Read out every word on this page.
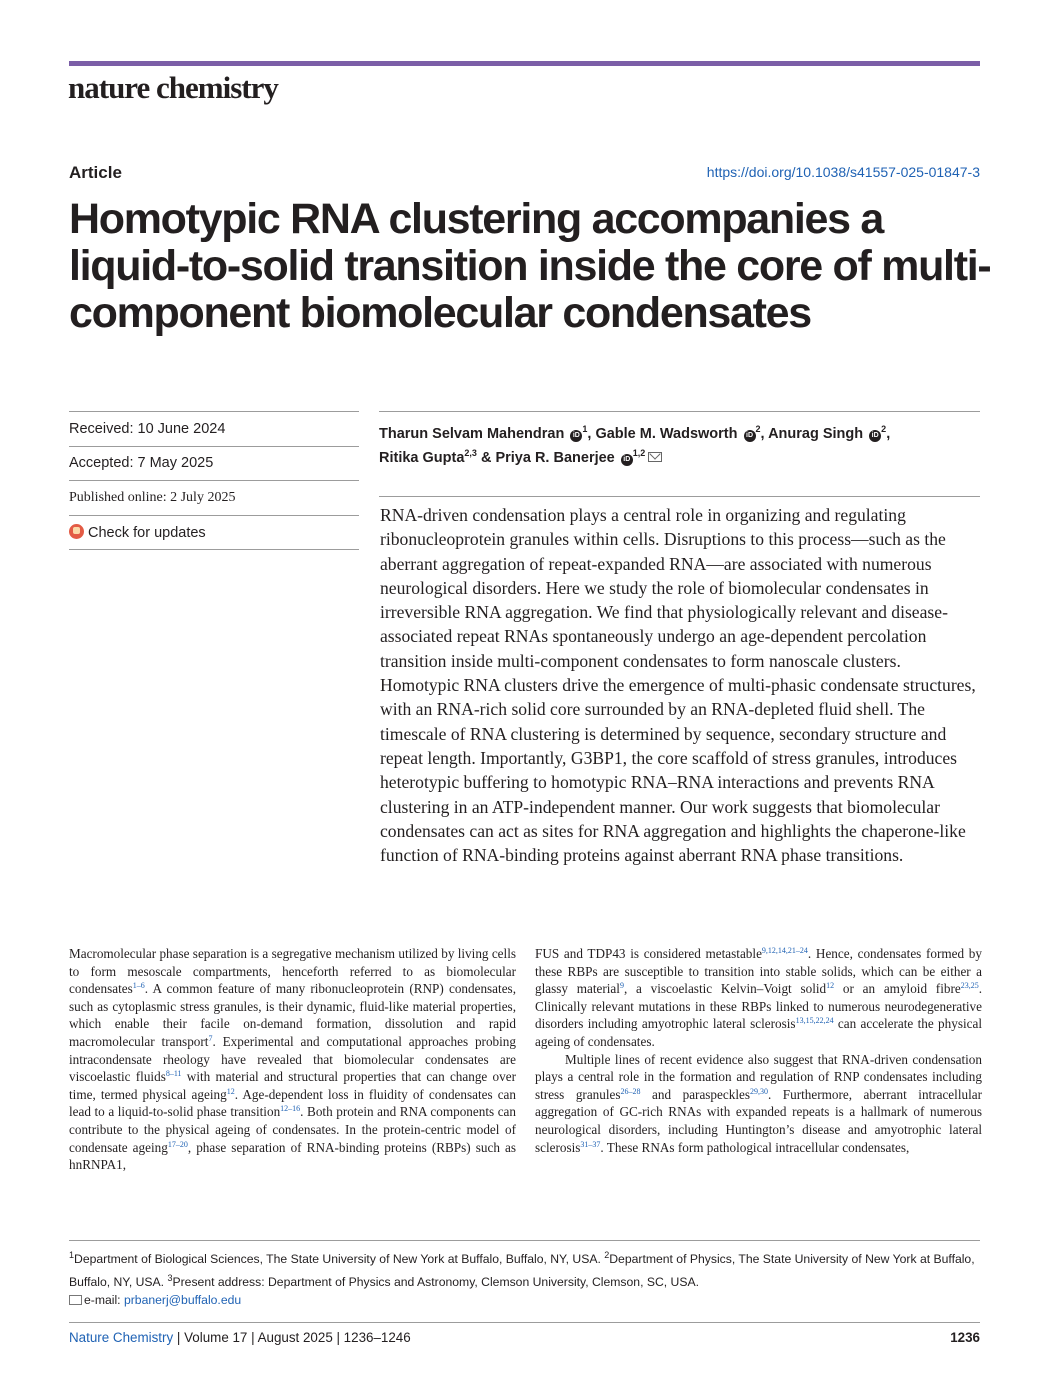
nature chemistry
Article	https://doi.org/10.1038/s41557-025-01847-3
Homotypic RNA clustering accompanies a liquid-to-solid transition inside the core of multi-component biomolecular condensates
Received: 10 June 2024
Accepted: 7 May 2025
Published online: 2 July 2025
Check for updates
Tharun Selvam Mahendran $iD^1$, Gable M. Wadsworth $iD^2$, Anurag Singh $iD^2$,
Ritika Gupta$^{2,3}$ & Priya R. Banerjee iD$^{1,2}$

RNA-driven condensation plays a central role in organizing and regulating ribonucleoprotein granules within cells. Disruptions to this process—such as the aberrant aggregation of repeat-expanded RNA—are associated with numerous neurological disorders. Here we study the role of biomolecular condensates in irreversible RNA aggregation. We find that physiologically relevant and disease-associated repeat RNAs spontaneously undergo an age-dependent percolation transition inside multi-component condensates to form nanoscale clusters. Homotypic RNA clusters drive the emergence of multi-phasic condensate structures, with an RNA-rich solid core surrounded by an RNA-depleted fluid shell. The timescale of RNA clustering is determined by sequence, secondary structure and repeat length. Importantly, G3BP1, the core scaffold of stress granules, introduces heterotypic buffering to homotypic RNA–RNA interactions and prevents RNA clustering in an ATP-independent manner. Our work suggests that biomolecular condensates can act as sites for RNA aggregation and highlights the chaperone-like function of RNA-binding proteins against aberrant RNA phase transitions.

Macromolecular phase separation is a segregative mechanism utilized by living cells to form mesoscale compartments, henceforth referred to as biomolecular condensates$^{1-6}$. A common feature of many ribonucleoprotein (RNP) condensates, such as cytoplasmic stress granules, is their dynamic, fluid-like material properties, which enable their facile on-demand formation, dissolution and rapid macromolecular transport$^7$. Experimental and computational approaches probing intracondensate rheology have revealed that biomolecular condensates are viscoelastic fluids$^{8-11}$ with material and structural properties that can change over time, termed physical ageing$^{12}$. Age-dependent loss in fluidity of condensates can lead to a liquid-to-solid phase transition$^{12-16}$. Both protein and RNA components can contribute to the physical ageing of condensates. In the protein-centric model of condensate ageing$^{17-20}$, phase separation of RNA-binding proteins (RBPs) such as hnRNPA1,

FUS and TDP43 is considered metastable$^{9,12,14,21-24}$. Hence, condensates formed by these RBPs are susceptible to transition into stable solids, which can be either a glassy material$^9$, a viscoelastic Kelvin–Voigt solid$^{12}$ or an amyloid fibre$^{23,25}$. Clinically relevant mutations in these RBPs linked to numerous neurodegenerative disorders including amyotrophic lateral sclerosis$^{13,15,22,24}$ can accelerate the physical ageing of condensates.

Multiple lines of recent evidence also suggest that RNA-driven condensation plays a central role in the formation and regulation of RNP condensates including stress granules$^{26-28}$ and paraspeckles$^{29,30}$. Furthermore, aberrant intracellular aggregation of GC-rich RNAs with expanded repeats is a hallmark of numerous neurological disorders, including Huntington’s disease and amyotrophic lateral sclerosis$^{31-37}$. These RNAs form pathological intracellular condensates,

$^1$Department of Biological Sciences, The State University of New York at Buffalo, Buffalo, NY, USA. $^2$Department of Physics, The State University of New York at Buffalo, Buffalo, NY, USA. $^3$Present address: Department of Physics and Astronomy, Clemson University, Clemson, SC, USA.
e-mail: prbanerj@buffalo.edu
Nature Chemistry | Volume 17 | August 2025 | 1236–1246	1236
